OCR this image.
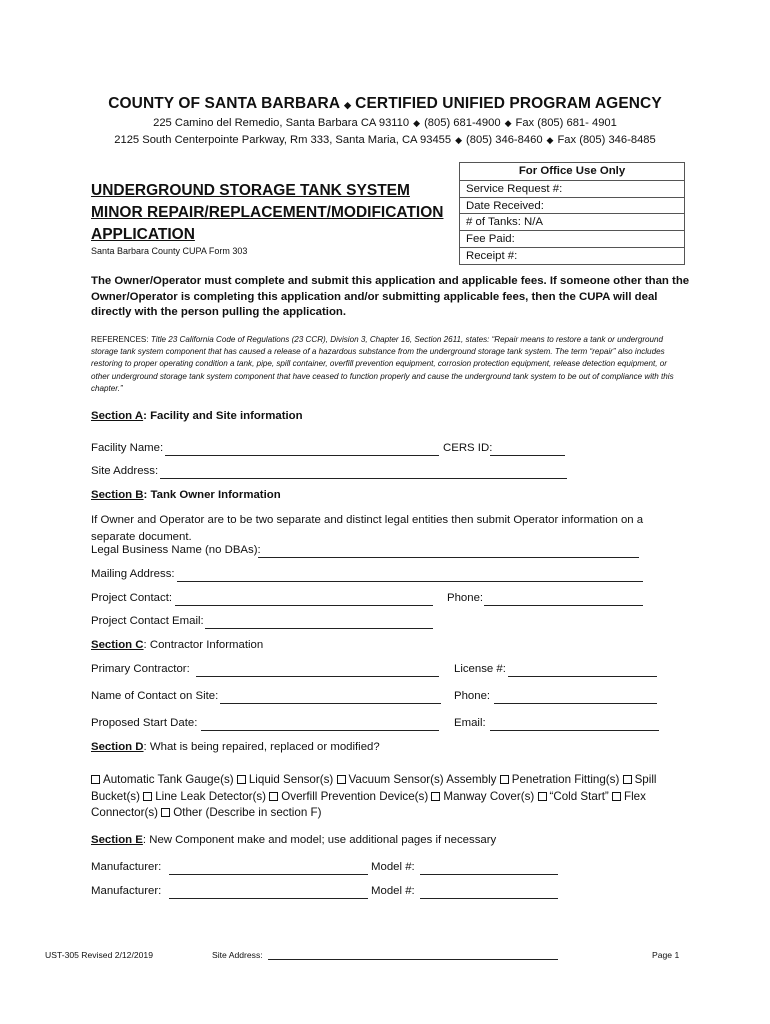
COUNTY OF SANTA BARBARA ◆ CERTIFIED UNIFIED PROGRAM AGENCY
225 Camino del Remedio, Santa Barbara CA 93110 ◆ (805) 681-4900 ◆ Fax (805) 681- 4901
2125 South Centerpointe Parkway, Rm 333, Santa Maria, CA 93455 ◆ (805) 346-8460 ◆ Fax (805) 346-8485
UNDERGROUND STORAGE TANK SYSTEM
MINOR REPAIR/REPLACEMENT/MODIFICATION
APPLICATION
Santa Barbara County CUPA Form 303
For Office Use Only
Service Request #:
Date Received:
# of Tanks: N/A
Fee Paid:
Receipt #:
The Owner/Operator must complete and submit this application and applicable fees. If someone other than the Owner/Operator is completing this application and/or submitting applicable fees, then the CUPA will deal directly with the person pulling the application.
REFERENCES: Title 23 California Code of Regulations (23 CCR), Division 3, Chapter 16, Section 2611, states: “Repair means to restore a tank or underground storage tank system component that has caused a release of a hazardous substance from the underground storage tank system. The term “repair” also includes restoring to proper operating condition a tank, pipe, spill container, overfill prevention equipment, corrosion protection equipment, release detection equipment, or other underground storage tank system component that have ceased to function properly and cause the underground tank system to be out of compliance with this chapter.”
Section A: Facility and Site information
Facility Name:	CERS ID:
Site Address:
Section B: Tank Owner Information
If Owner and Operator are to be two separate and distinct legal entities then submit Operator information on a separate document.
Legal Business Name (no DBAs):
Mailing Address:
Project Contact:	Phone:
Project Contact Email:
Section C: Contractor Information
Primary Contractor:	License #:
Name of Contact on Site:	Phone:
Proposed Start Date:	Email:
Section D: What is being repaired, replaced or modified?
Automatic Tank Gauge(s) Liquid Sensor(s) Vacuum Sensor(s) Assembly Penetration Fitting(s) Spill Bucket(s) Line Leak Detector(s) Overfill Prevention Device(s) Manway Cover(s) “Cold Start” Flex Connector(s) Other (Describe in section F)
Section E: New Component make and model; use additional pages if necessary
Manufacturer:	Model #:
Manufacturer:	Model #:
UST-305 Revised 2/12/2019	Site Address:	Page 1
